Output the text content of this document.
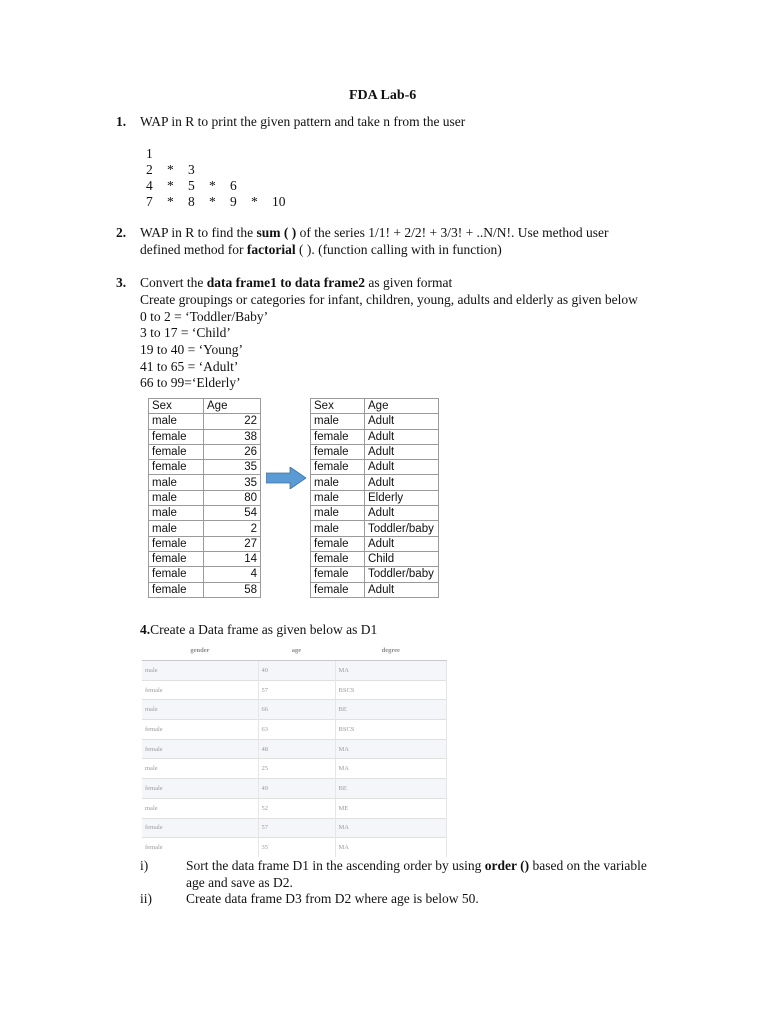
FDA Lab-6
1. WAP in R to print the given pattern and take n from the user
1
2	*	3
4	*	5	*	6
7	*	8	*	9	*	10
2. WAP in R to find the sum ( ) of the series 1/1! + 2/2! + 3/3! + ..N/N!. Use method user
defined method for factorial ( ). (function calling with in function)
3. Convert the data frame1 to data frame2 as given format
Create groupings or categories for infant, children, young, adults and elderly as given below
0 to 2 = ‘Toddler/Baby’
3 to 17 = ‘Child’
19 to 40 = ‘Young’
41 to 65 = ‘Adult’
66 to 99=‘Elderly’
Sex	Age
male	22
female	38
female	26
female	35
male	35
male	80
male	54
male	2
female	27
female	14
female	4
female	58
Sex	Age
male	Adult
female	Adult
female	Adult
female	Adult
male	Adult
male	Elderly
male	Adult
male	Toddler/baby
female	Adult
female	Child
female	Toddler/baby
female	Adult
4.Create a Data frame as given below as D1
gender	age	degree
male	40	MA
female	57	BSCS
male	66	BE
female	63	BSCS
female	48	MA
male	25	MA
female	49	BE
male	52	ME
female	57	MA
female	35	MA
i)	Sort the data frame D1 in the ascending order by using order () based on the variable
age and save as D2.
ii)	Create data frame D3 from D2 where age is below 50.
